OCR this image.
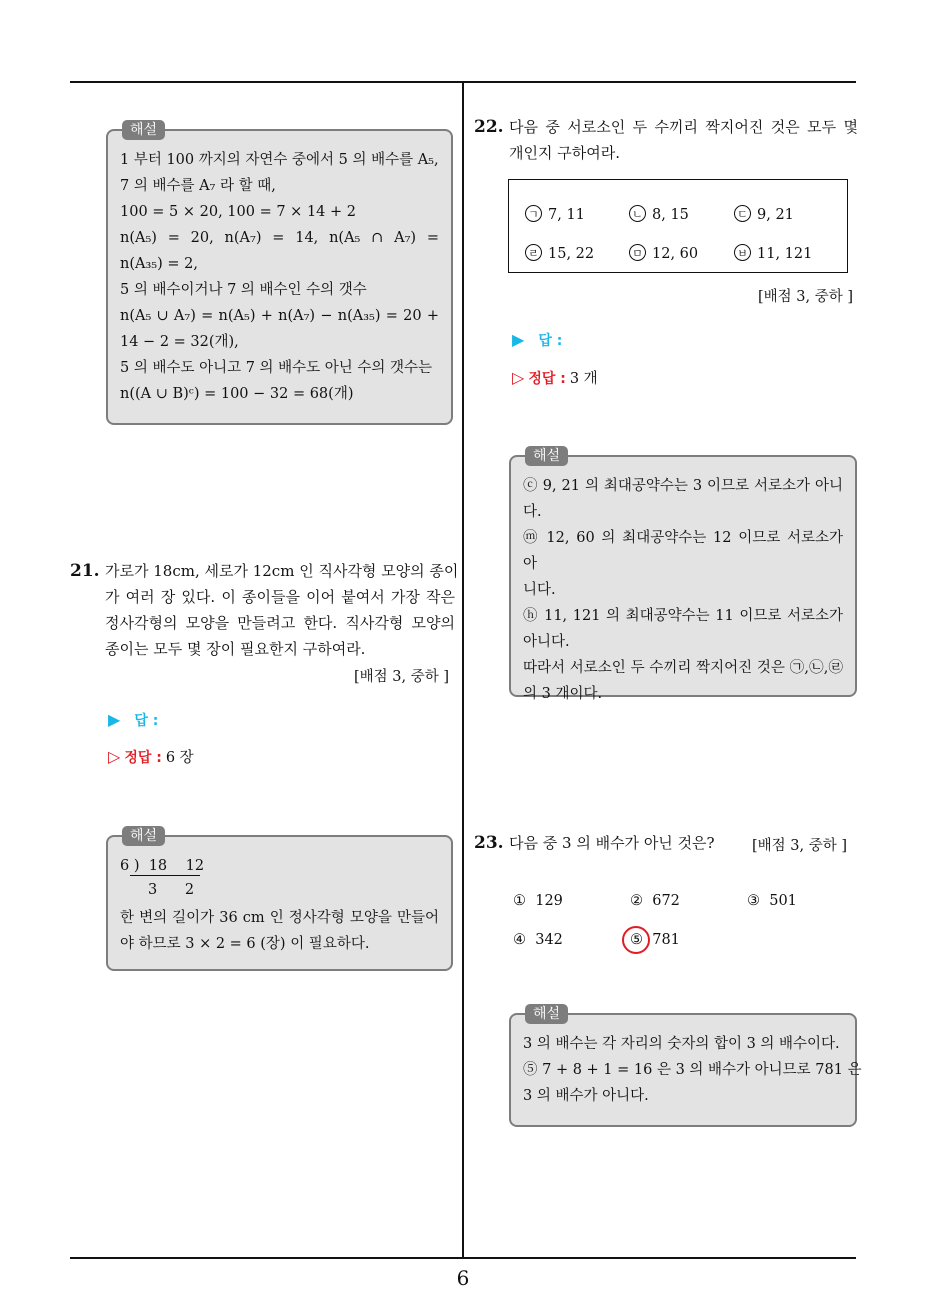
해설
1 부터 100 까지의 자연수 중에서 5 의 배수를 A₅,
7 의 배수를 A₇ 라 할 때,
100 = 5 × 20, 100 = 7 × 14 + 2
n(A₅) = 20, n(A₇) = 14, n(A₅ ∩ A₇) =
n(A₃₅) = 2,
5 의 배수이거나 7 의 배수인 수의 갯수
n(A₅ ∪ A₇) = n(A₅) + n(A₇) − n(A₃₅) = 20 +
14 − 2 = 32(개),
5 의 배수도 아니고 7 의 배수도 아닌 수의 갯수는
n((A ∪ B)ᶜ) = 100 − 32 = 68(개)
21. 가로가 18cm, 세로가 12cm 인 직사각형 모양의 종이
가 여러 장 있다. 이 종이들을 이어 붙여서 가장 작은
정사각형의 모양을 만들려고 한다. 직사각형 모양의
종이는 모두 몇 장이 필요한지 구하여라.
[배점 3, 중하 ]
▶ 답 :
▷ 정답 : 6 장
해설
6 )  18    12
3      2
한 변의 길이가 36 cm 인 정사각형 모양을 만들어
야 하므로 3 × 2 = 6 (장) 이 필요하다.
22. 다음 중 서로소인 두 수끼리 짝지어진 것은 모두 몇
개인지 구하여라.
ㄱ 7, 11	ㄴ 8, 15	ㄷ 9, 21
ㄹ 15, 22	ㅁ 12, 60	ㅂ 11, 121
[배점 3, 중하 ]
▶ 답 :
▷ 정답 : 3 개
해설
ⓒ 9, 21 의 최대공약수는 3 이므로 서로소가 아니
다.
ⓜ 12, 60 의 최대공약수는 12 이므로 서로소가 아
니다.
ⓗ 11, 121 의 최대공약수는 11 이므로 서로소가
아니다.
따라서 서로소인 두 수끼리 짝지어진 것은 ㉠,㉡,㉣
의 3 개이다.
23. 다음 중 3 의 배수가 아닌 것은?	[배점 3, 중하 ]
① 129	② 672	③ 501
④ 342	⑤ 781
해설
3 의 배수는 각 자리의 숫자의 합이 3 의 배수이다.
⑤ 7 + 8 + 1 = 16 은 3 의 배수가 아니므로 781 은
3 의 배수가 아니다.
6
